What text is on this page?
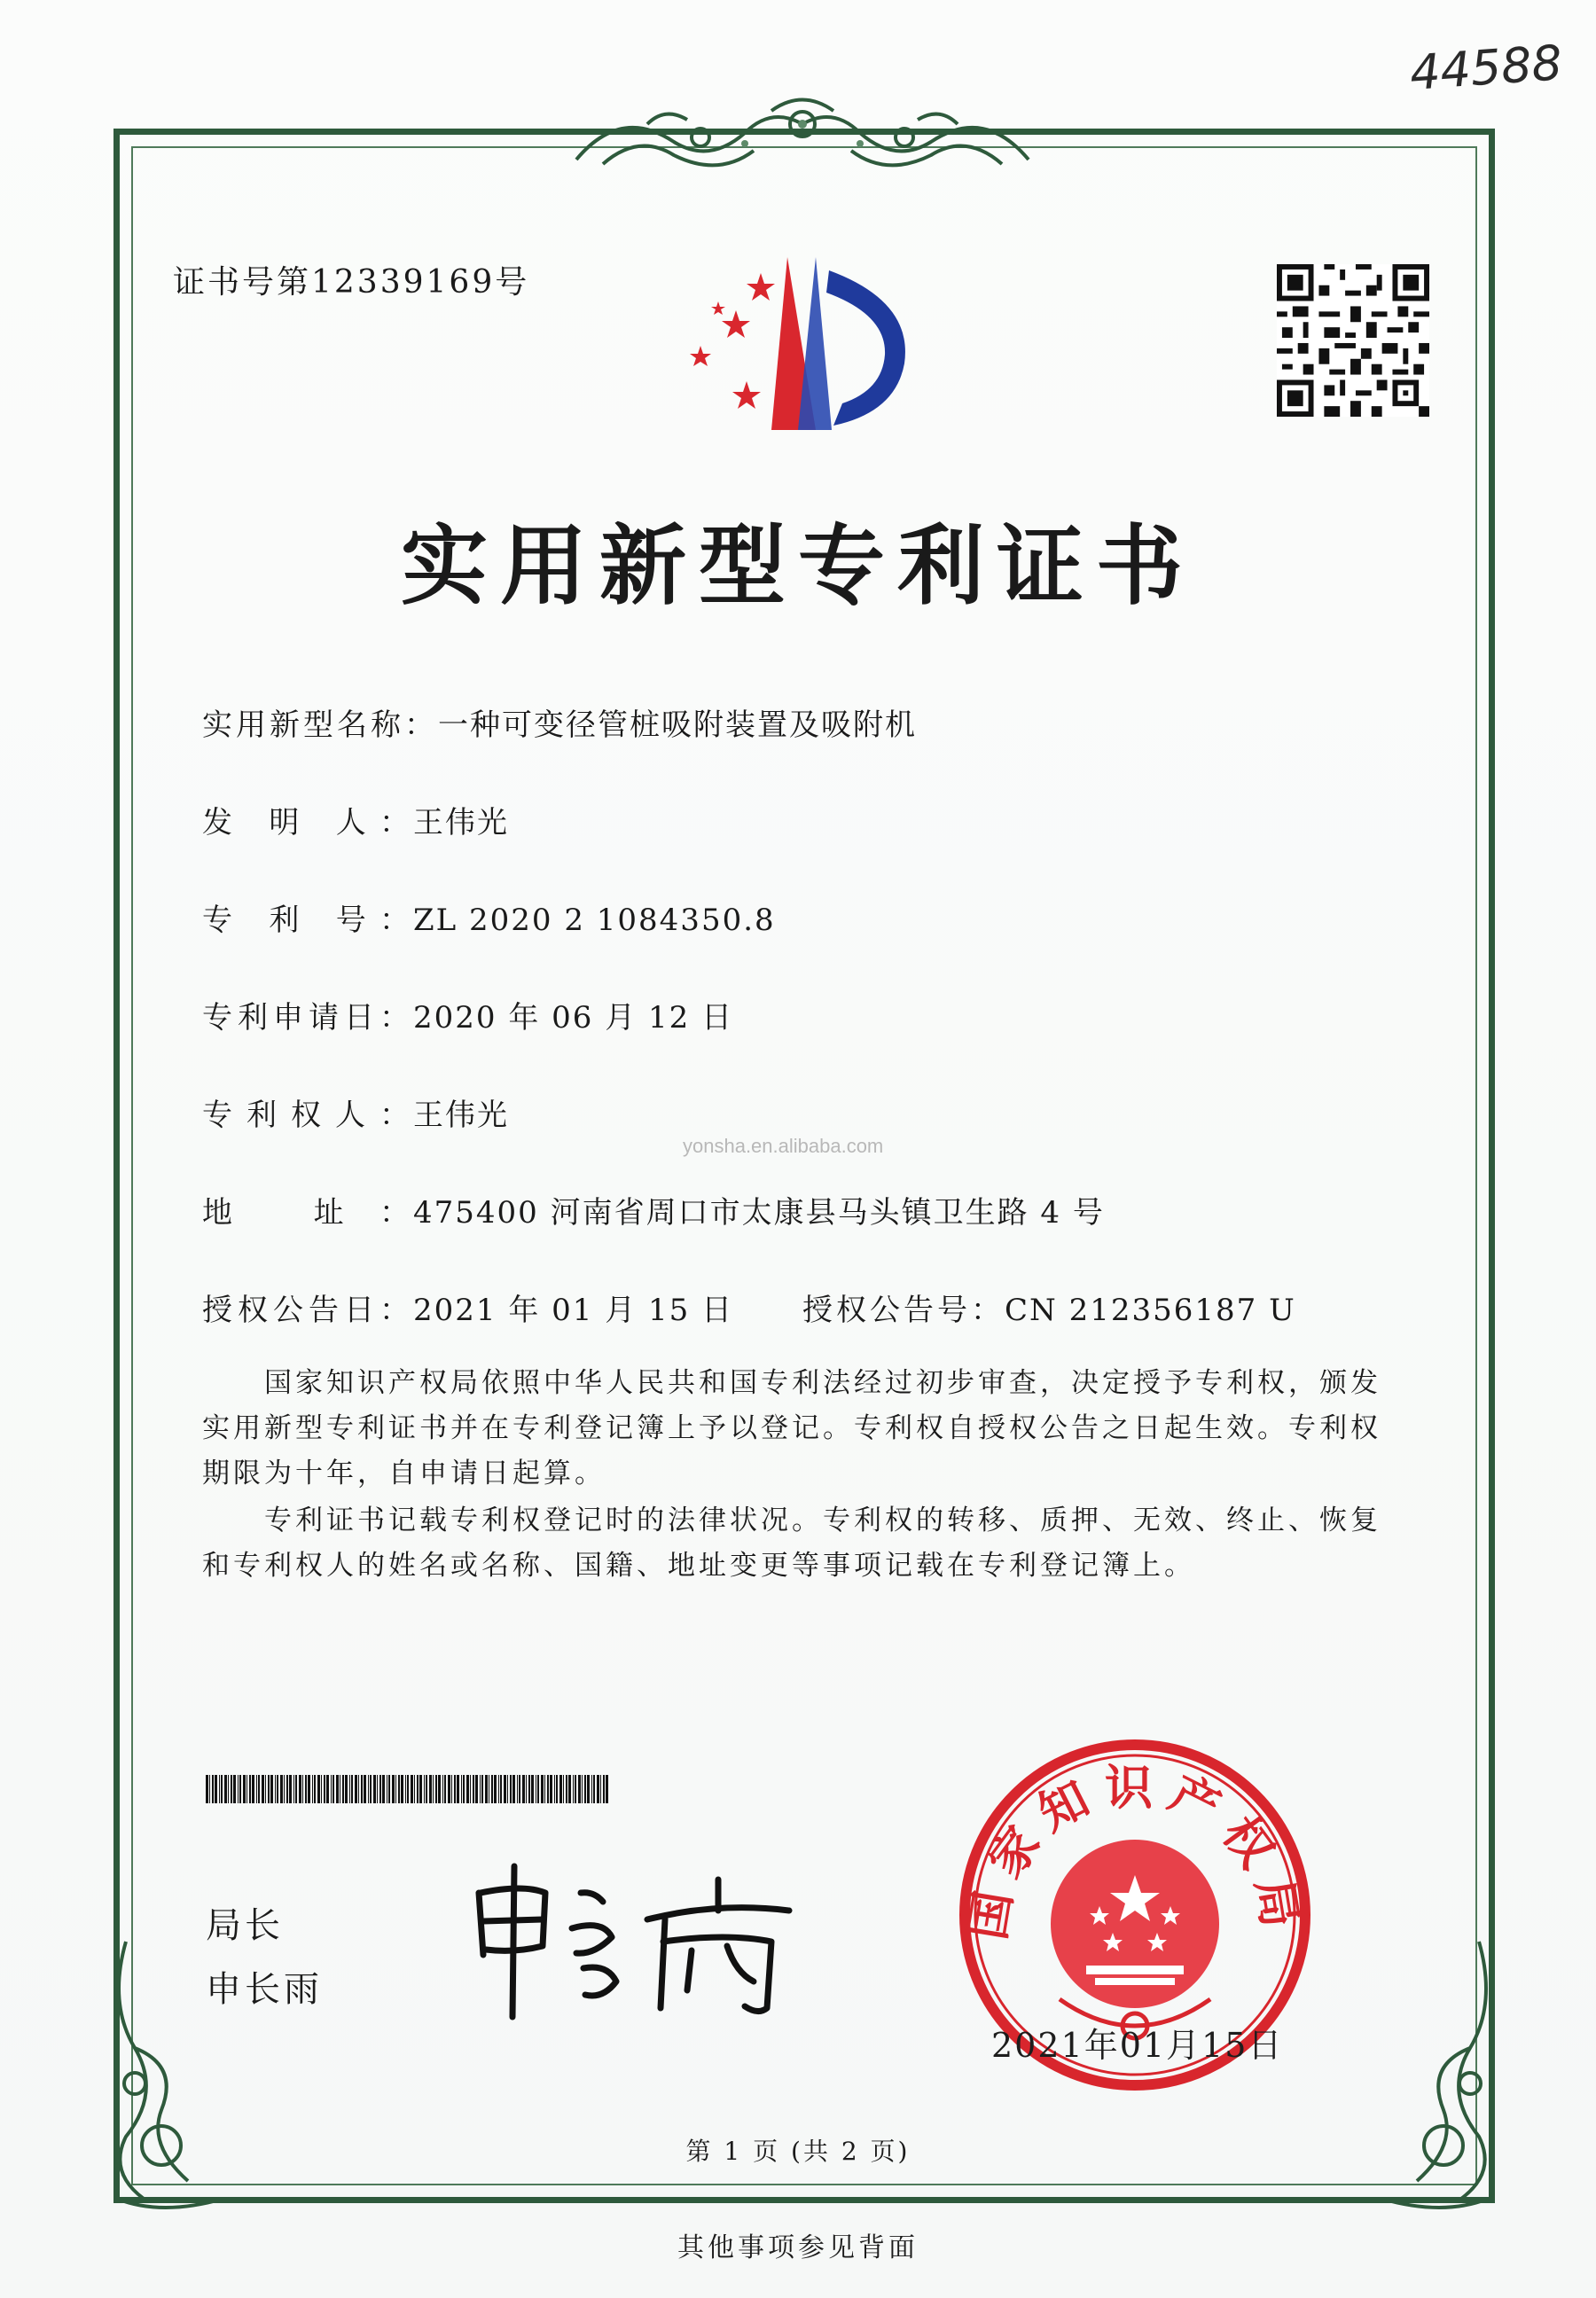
44588
证书号第12339169号
实用新型专利证书
实用新型名称：一种可变径管桩吸附装置及吸附机
发 明 人：王伟光
专 利 号：ZL 2020 2 1084350.8
专利申请日：2020 年 06 月 12 日
专利权人：王伟光
yonsha.en.alibaba.com
地 址：475400 河南省周口市太康县马头镇卫生路 4 号
授权公告日：2021 年 01 月 15 日 授权公告号：CN 212356187 U
国家知识产权局依照中华人民共和国专利法经过初步审查，决定授予专利权，颁发实用新型专利证书并在专利登记簿上予以登记。专利权自授权公告之日起生效。专利权期限为十年，自申请日起算。
专利证书记载专利权登记时的法律状况。专利权的转移、质押、无效、终止、恢复和专利权人的姓名或名称、国籍、地址变更等事项记载在专利登记簿上。
局长
申长雨
国家知识产权局
2021年01月15日
第 1 页 (共 2 页)
其他事项参见背面
